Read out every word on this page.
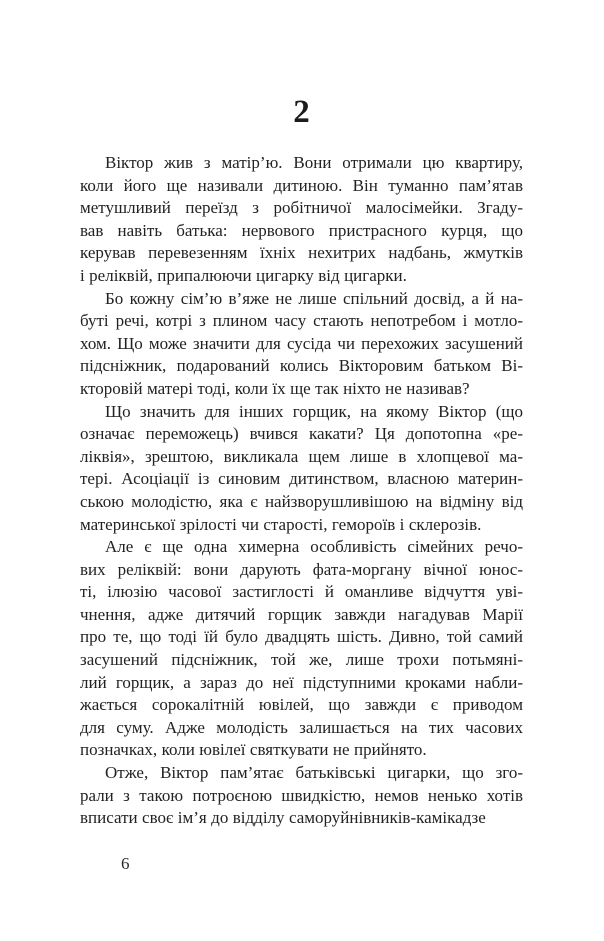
2
Віктор жив з матір’ю. Вони отримали цю квартиру,
коли його ще називали дитиною. Він туманно пам’ятав
метушливий переїзд з робітничої малосімейки. Згаду-
вав навіть батька: нервового пристрасного курця, що
керував перевезенням їхніх нехитрих надбань, жмутків
і реліквій, припалюючи цигарку від цигарки.
Бо кожну сім’ю в’яже не лише спільний досвід, а й на-
буті речі, котрі з плином часу стають непотребом і мотло-
хом. Що може значити для сусіда чи перехожих засушений
підсніжник, подарований колись Вікторовим батьком Ві-
кторовій матері тоді, коли їх ще так ніхто не називав?
Що значить для інших горщик, на якому Віктор (що
означає переможець) вчився какати? Ця допотопна «ре-
ліквія», зрештою, викликала щем лише в хлопцевої ма-
тері. Асоціації із синовим дитинством, власною материн-
ською молодістю, яка є найзворушливішою на відміну від
материнської зрілості чи старості, гемороїв і склерозів.
Але є ще одна химерна особливість сімейних речо-
вих реліквій: вони дарують фата-моргану вічної юнос-
ті, ілюзію часової застиглості й оманливе відчуття уві-
чнення, адже дитячий горщик завжди нагадував Марії
про те, що тоді їй було двадцять шість. Дивно, той самий
засушений підсніжник, той же, лише трохи потьмяні-
лий горщик, а зараз до неї підступними кроками набли-
жається сорокалітній ювілей, що завжди є приводом
для суму. Адже молодість залишається на тих часових
позначках, коли ювілеї святкувати не прийнято.
Отже, Віктор пам’ятає батьківські цигарки, що зго-
рали з такою потроєною швидкістю, немов ненько хотів
вписати своє ім’я до відділу саморуйнівників-камікадзе
6
